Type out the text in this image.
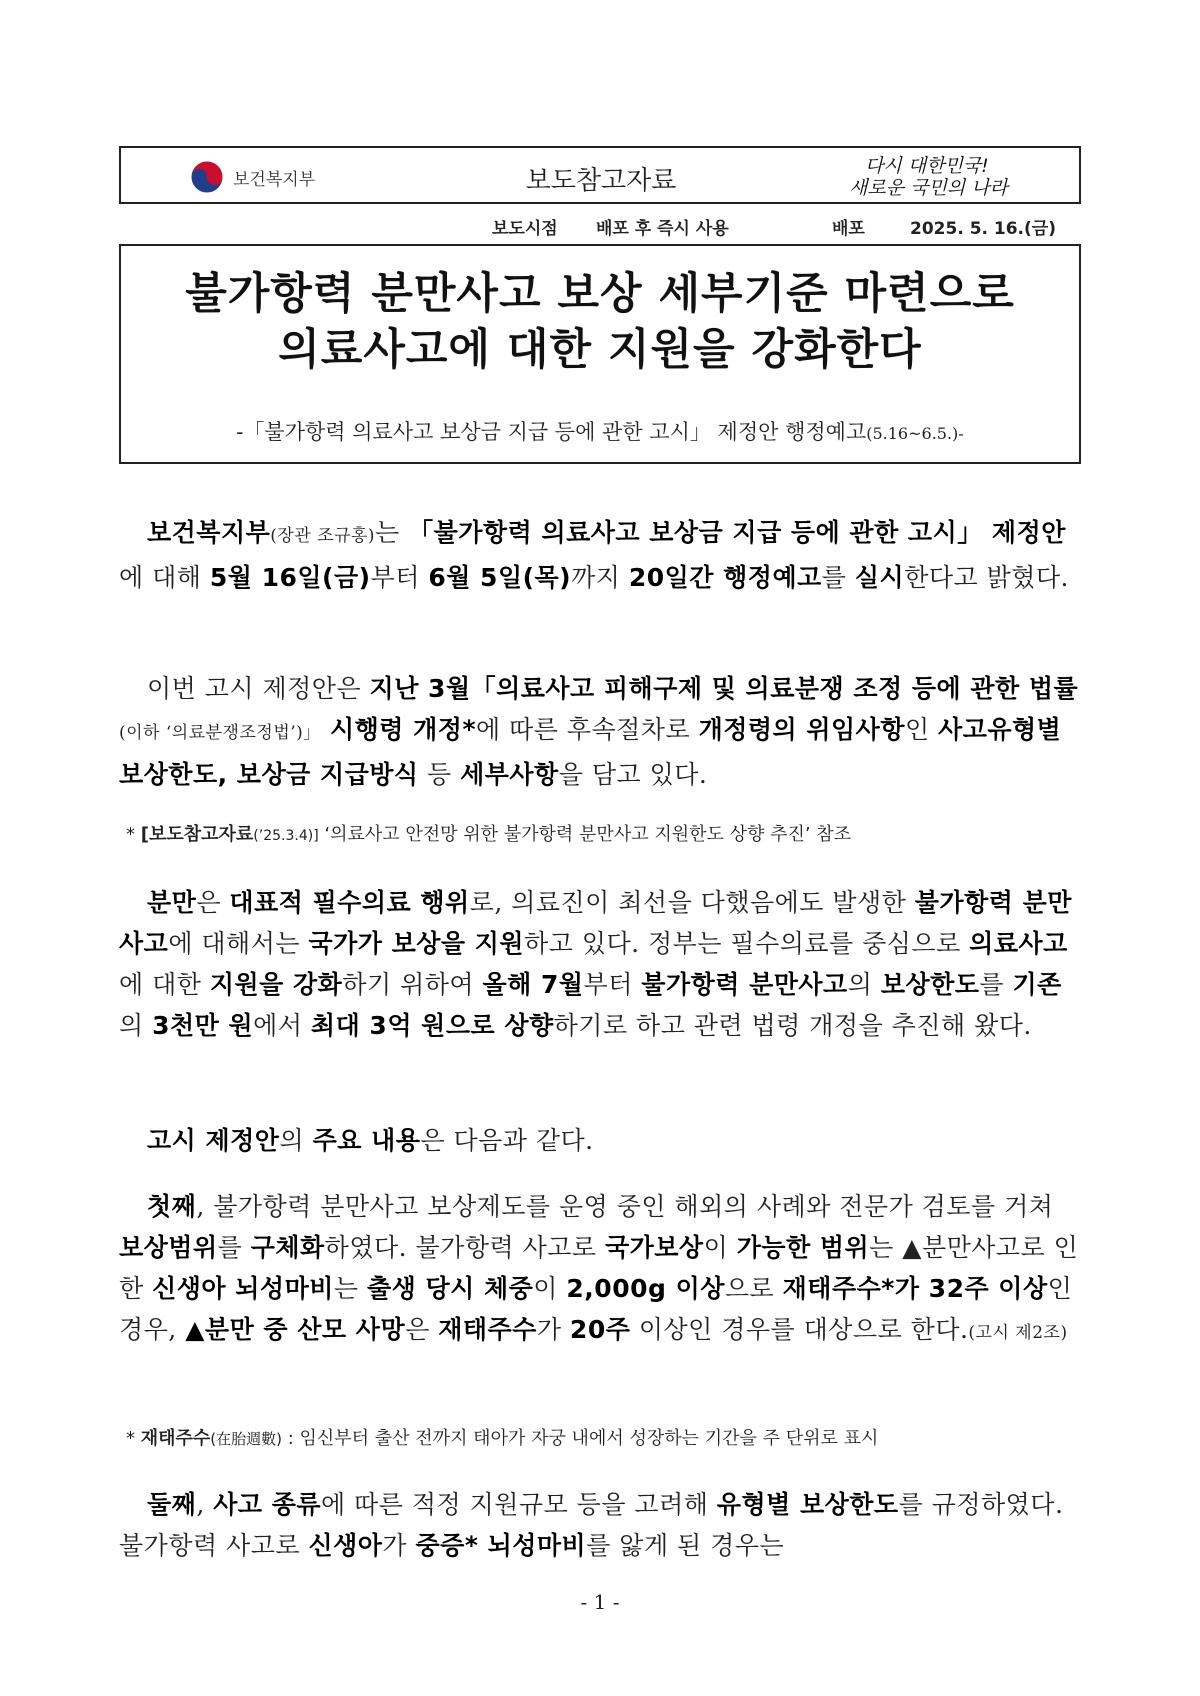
보건복지부	보도참고자료	다시 대한민국!
새로운 국민의 나라
보도시점 배포 후 즉시 사용	배포	2025. 5. 16.(금)
불가항력 분만사고 보상 세부기준 마련으로
의료사고에 대한 지원을 강화한다
-「불가항력 의료사고 보상금 지급 등에 관한 고시」 제정안 행정예고(5.16~6.5.)-
보건복지부(장관 조규홍)는 「불가항력 의료사고 보상금 지급 등에 관한 고시」 제정안에 대해 5월 16일(금)부터 6월 5일(목)까지 20일간 행정예고를 실시한다고 밝혔다.
이번 고시 제정안은 지난 3월「의료사고 피해구제 및 의료분쟁 조정 등에 관한 법률(이하 ‘의료분쟁조정법’)」 시행령 개정*에 따른 후속절차로 개정령의 위임사항인 사고유형별 보상한도, 보상금 지급방식 등 세부사항을 담고 있다.
* [보도참고자료(’25.3.4)] ‘의료사고 안전망 위한 불가항력 분만사고 지원한도 상향 추진’ 참조
분만은 대표적 필수의료 행위로, 의료진이 최선을 다했음에도 발생한 불가항력 분만사고에 대해서는 국가가 보상을 지원하고 있다. 정부는 필수의료를 중심으로 의료사고에 대한 지원을 강화하기 위하여 올해 7월부터 불가항력 분만사고의 보상한도를 기존의 3천만 원에서 최대 3억 원으로 상향하기로 하고 관련 법령 개정을 추진해 왔다.
고시 제정안의 주요 내용은 다음과 같다.
첫째, 불가항력 분만사고 보상제도를 운영 중인 해외의 사례와 전문가 검토를 거쳐 보상범위를 구체화하였다. 불가항력 사고로 국가보상이 가능한 범위는 ▲분만사고로 인한 신생아 뇌성마비는 출생 당시 체중이 2,000g 이상으로 재태주수*가 32주 이상인 경우, ▲분만 중 산모 사망은 재태주수가 20주 이상인 경우를 대상으로 한다.(고시 제2조)
* 재태주수(在胎週數) : 임신부터 출산 전까지 태아가 자궁 내에서 성장하는 기간을 주 단위로 표시
둘째, 사고 종류에 따른 적정 지원규모 등을 고려해 유형별 보상한도를 규정하였다. 불가항력 사고로 신생아가 중증* 뇌성마비를 앓게 된 경우는
- 1 -
